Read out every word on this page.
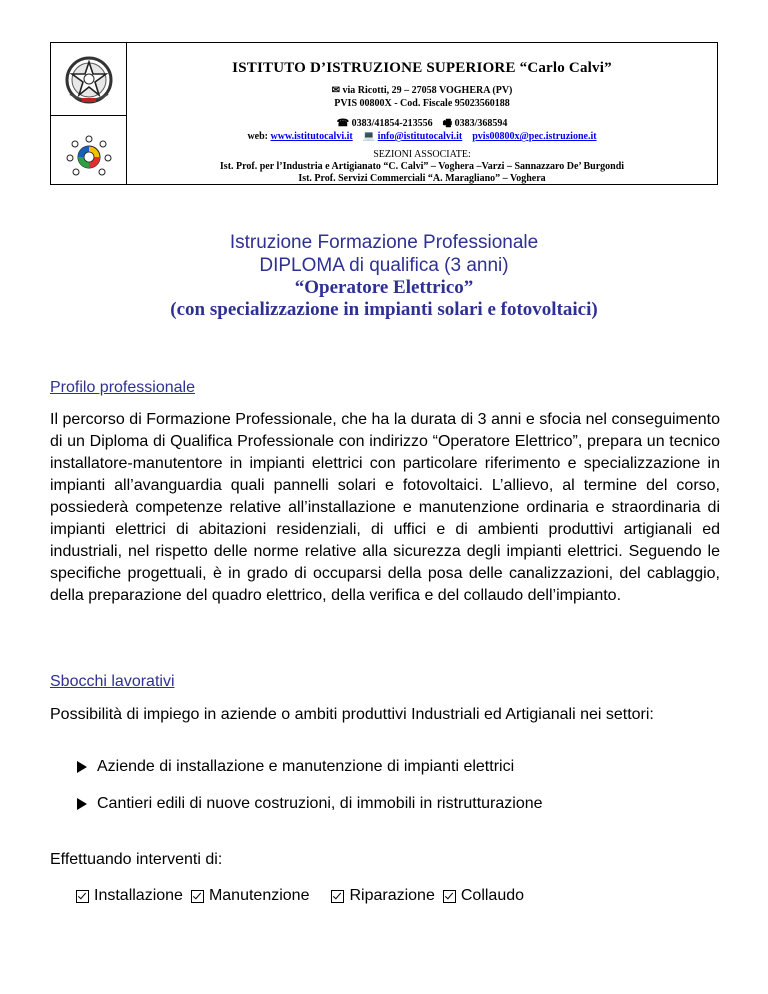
ISTITUTO D’ISTRUZIONE SUPERIORE “Carlo Calvi”
✉ via Ricotti, 29 – 27058 VOGHERA (PV)
PVIS 00800X - Cod. Fiscale 95023560188
☎ 0383/41854-213556 🖷 0383/368594
web: www.istitutocalvi.it 💻 info@istitutocalvi.it pvis00800x@pec.istruzione.it
SEZIONI ASSOCIATE:
Ist. Prof. per l’Industria e Artigianato “C. Calvi” – Voghera –Varzi – Sannazzaro De’ Burgondi
Ist. Prof. Servizi Commerciali “A. Maragliano” – Voghera
Istruzione Formazione Professionale
DIPLOMA di qualifica (3 anni)
“Operatore Elettrico”
(con specializzazione in impianti solari e fotovoltaici)
Profilo professionale
Il percorso di Formazione Professionale, che ha la durata di 3 anni e sfocia nel conseguimento di un Diploma di Qualifica Professionale con indirizzo “Operatore Elettrico”, prepara un tecnico installatore-manutentore in impianti elettrici con particolare riferimento e specializzazione in impianti all’avanguardia quali pannelli solari e fotovoltaici. L’allievo, al termine del corso, possiederà competenze relative all’installazione e manutenzione ordinaria e straordinaria di impianti elettrici di abitazioni residenziali, di uffici e di ambienti produttivi artigianali ed industriali, nel rispetto delle norme relative alla sicurezza degli impianti elettrici. Seguendo le specifiche progettuali, è in grado di occuparsi della posa delle canalizzazioni, del cablaggio, della preparazione del quadro elettrico, della verifica e del collaudo dell’impianto.
Sbocchi lavorativi
Possibilità di impiego in aziende o ambiti produttivi Industriali ed Artigianali nei settori:
Aziende di installazione e manutenzione di impianti elettrici
Cantieri edili di nuove costruzioni, di immobili in ristrutturazione
Effettuando interventi di:
Installazione Manutenzione	Riparazione Collaudo
